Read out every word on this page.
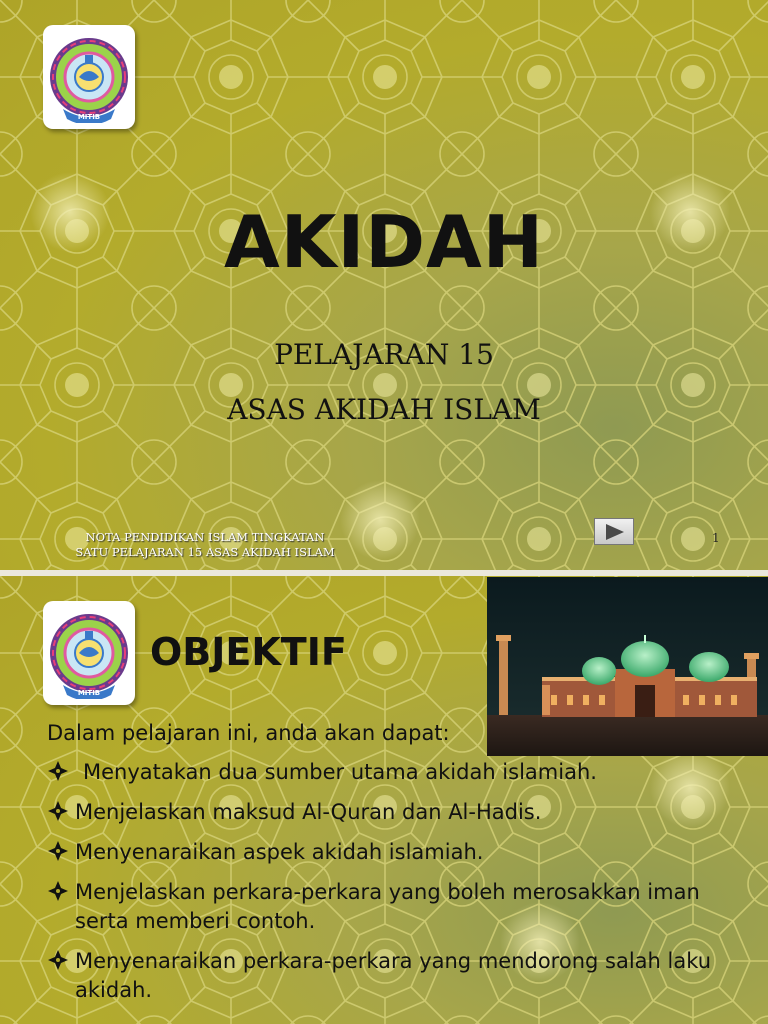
MITIB
AKIDAH
PELAJARAN 15
ASAS AKIDAH ISLAM
NOTA PENDIDIKAN ISLAM TINGKATAN
SATU PELAJARAN 15 ASAS AKIDAH ISLAM
1
MITIB
OBJEKTIF
Dalam pelajaran ini, anda akan dapat:
Menyatakan dua sumber utama akidah islamiah.
Menjelaskan maksud Al-Quran dan Al-Hadis.
Menyenaraikan aspek akidah islamiah.
Menjelaskan perkara-perkara yang boleh merosakkan iman serta memberi contoh.
Menyenaraikan perkara-perkara yang mendorong salah laku akidah.
